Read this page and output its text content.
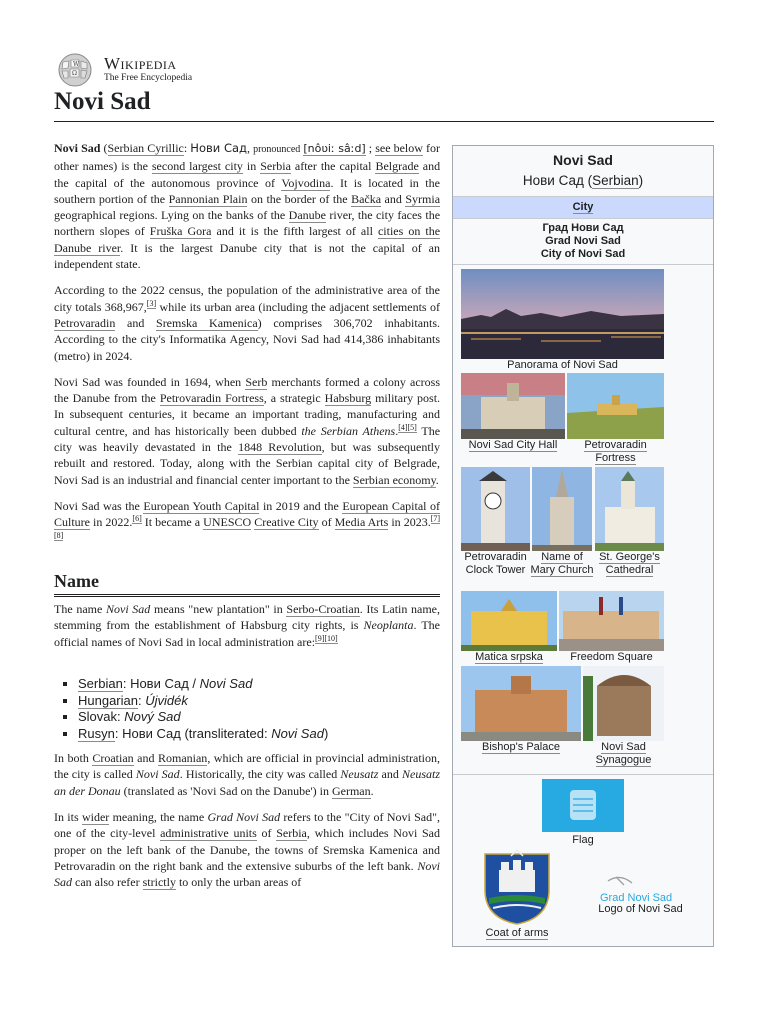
W
Ω
Wikipedia
The Free Encyclopedia
Novi Sad

Novi Sad (Serbian Cyrillic: Нови Сад, pronounced [nôʋiː sâːd] ; see below for other names) is the second largest city in Serbia after the capital Belgrade and the capital of the autonomous province of Vojvodina. It is located in the southern portion of the Pannonian Plain on the border of the Bačka and Syrmia geographical regions. Lying on the banks of the Danube river, the city faces the northern slopes of Fruška Gora and it is the fifth largest of all cities on the Danube river. It is the largest Danube city that is not the capital of an independent state.

According to the 2022 census, the population of the administrative area of the city totals 368,967,[3] while its urban area (including the adjacent settlements of Petrovaradin and Sremska Kamenica) comprises 306,702 inhabitants. According to the city's Informatika Agency, Novi Sad had 414,386 inhabitants (metro) in 2024.

Novi Sad was founded in 1694, when Serb merchants formed a colony across the Danube from the Petrovaradin Fortress, a strategic Habsburg military post. In subsequent centuries, it became an important trading, manufacturing and cultural centre, and has historically been dubbed the Serbian Athens.[4][5] The city was heavily devastated in the 1848 Revolution, but was subsequently rebuilt and restored. Today, along with the Serbian capital city of Belgrade, Novi Sad is an industrial and financial center important to the Serbian economy.

Novi Sad was the European Youth Capital in 2019 and the European Capital of Culture in 2022.[6] It became a UNESCO Creative City of Media Arts in 2023.[7][8]

Name

The name Novi Sad means "new plantation" in Serbo-Croatian. Its Latin name, stemming from the establishment of Habsburg city rights, is Neoplanta. The official names of Novi Sad in local administration are:[9][10]

▪ Serbian: Нови Сад / Novi Sad
▪ Hungarian: Újvidék
▪ Slovak: Nový Sad
▪ Rusyn: Нови Сад (transliterated: Novi Sad)

In both Croatian and Romanian, which are official in provincial administration, the city is called Novi Sad. Historically, the city was called Neusatz and Neusatz an der Donau (translated as 'Novi Sad on the Danube') in German.

In its wider meaning, the name Grad Novi Sad refers to the "City of Novi Sad", one of the city-level administrative units of Serbia, which includes Novi Sad proper on the left bank of the Danube, the towns of Sremska Kamenica and Petrovaradin on the right bank and the extensive suburbs of the left bank. Novi Sad can also refer strictly to only the urban areas of

Novi Sad
Нови Сад (Serbian)
City
Град Нови Сад
Grad Novi Sad
City of Novi Sad
Panorama of Novi Sad
Novi Sad City Hall	Petrovaradin Fortress
Petrovaradin Clock Tower
Name of Mary Church
St. George's Cathedral
Matica srpska	Freedom Square
Bishop's Palace	Novi Sad Synagogue
Flag
Coat of arms
Grad Novi Sad
Logo of Novi Sad
